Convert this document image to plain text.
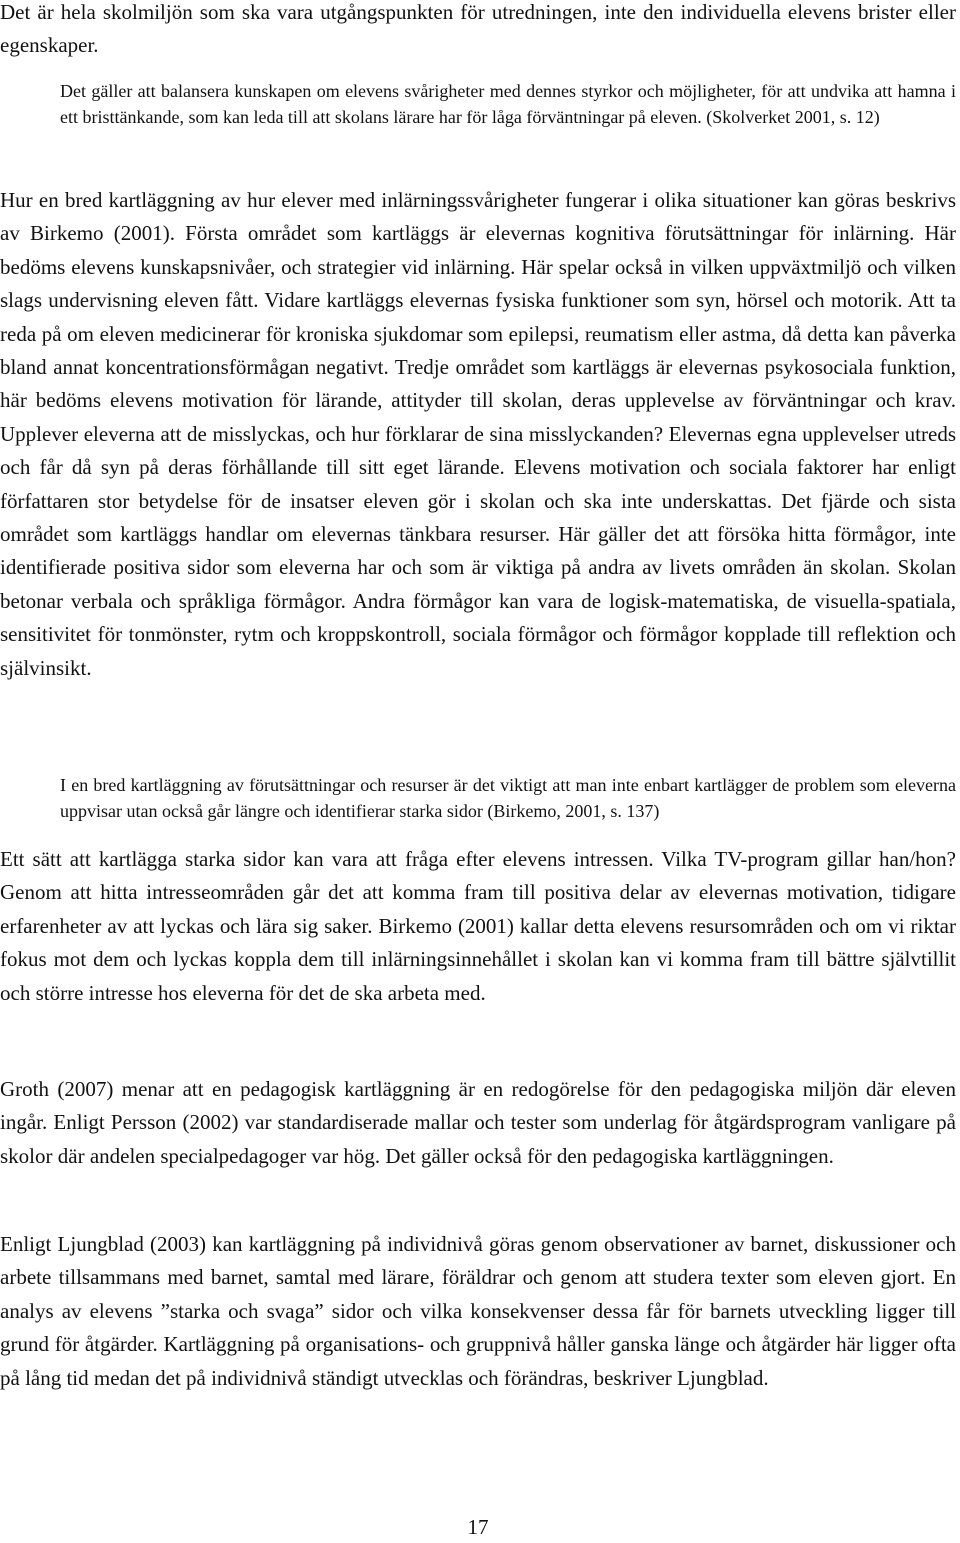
Det är hela skolmiljön som ska vara utgångspunkten för utredningen, inte den individuella elevens brister eller egenskaper.

Det gäller att balansera kunskapen om elevens svårigheter med dennes styrkor och möjligheter, för att undvika att hamna i ett bristtänkande, som kan leda till att skolans lärare har för låga förväntningar på eleven. (Skolverket 2001, s. 12)

Hur en bred kartläggning av hur elever med inlärningssvårigheter fungerar i olika situationer kan göras beskrivs av Birkemo (2001). Första området som kartläggs är elevernas kognitiva förutsättningar för inlärning. Här bedöms elevens kunskapsnivåer, och strategier vid inlärning. Här spelar också in vilken uppväxtmiljö och vilken slags undervisning eleven fått. Vidare kartläggs elevernas fysiska funktioner som syn, hörsel och motorik. Att ta reda på om eleven medicinerar för kroniska sjukdomar som epilepsi, reumatism eller astma, då detta kan påverka bland annat koncentrationsförmågan negativt. Tredje området som kartläggs är elevernas psykosociala funktion, här bedöms elevens motivation för lärande, attityder till skolan, deras upplevelse av förväntningar och krav. Upplever eleverna att de misslyckas, och hur förklarar de sina misslyckanden? Elevernas egna upplevelser utreds och får då syn på deras förhållande till sitt eget lärande. Elevens motivation och sociala faktorer har enligt författaren stor betydelse för de insatser eleven gör i skolan och ska inte underskattas. Det fjärde och sista området som kartläggs handlar om elevernas tänkbara resurser. Här gäller det att försöka hitta förmågor, inte identifierade positiva sidor som eleverna har och som är viktiga på andra av livets områden än skolan. Skolan betonar verbala och språkliga förmågor. Andra förmågor kan vara de logisk-matematiska, de visuella-spatiala, sensitivitet för tonmönster, rytm och kroppskontroll, sociala förmågor och förmågor kopplade till reflektion och självinsikt.

I en bred kartläggning av förutsättningar och resurser är det viktigt att man inte enbart kartlägger de problem som eleverna uppvisar utan också går längre och identifierar starka sidor (Birkemo, 2001, s. 137)

Ett sätt att kartlägga starka sidor kan vara att fråga efter elevens intressen. Vilka TV-program gillar han/hon? Genom att hitta intresseområden går det att komma fram till positiva delar av elevernas motivation, tidigare erfarenheter av att lyckas och lära sig saker. Birkemo (2001) kallar detta elevens resursområden och om vi riktar fokus mot dem och lyckas koppla dem till inlärningsinnehållet i skolan kan vi komma fram till bättre självtillit och större intresse hos eleverna för det de ska arbeta med.

Groth (2007) menar att en pedagogisk kartläggning är en redogörelse för den pedagogiska miljön där eleven ingår. Enligt Persson (2002) var standardiserade mallar och tester som underlag för åtgärdsprogram vanligare på skolor där andelen specialpedagoger var hög. Det gäller också för den pedagogiska kartläggningen.

Enligt Ljungblad (2003) kan kartläggning på individnivå göras genom observationer av barnet, diskussioner och arbete tillsammans med barnet, samtal med lärare, föräldrar och genom att studera texter som eleven gjort. En analys av elevens ”starka och svaga” sidor och vilka konsekvenser dessa får för barnets utveckling ligger till grund för åtgärder. Kartläggning på organisations- och gruppnivå håller ganska länge och åtgärder här ligger ofta på lång tid medan det på individnivå ständigt utvecklas och förändras, beskriver Ljungblad.

17
